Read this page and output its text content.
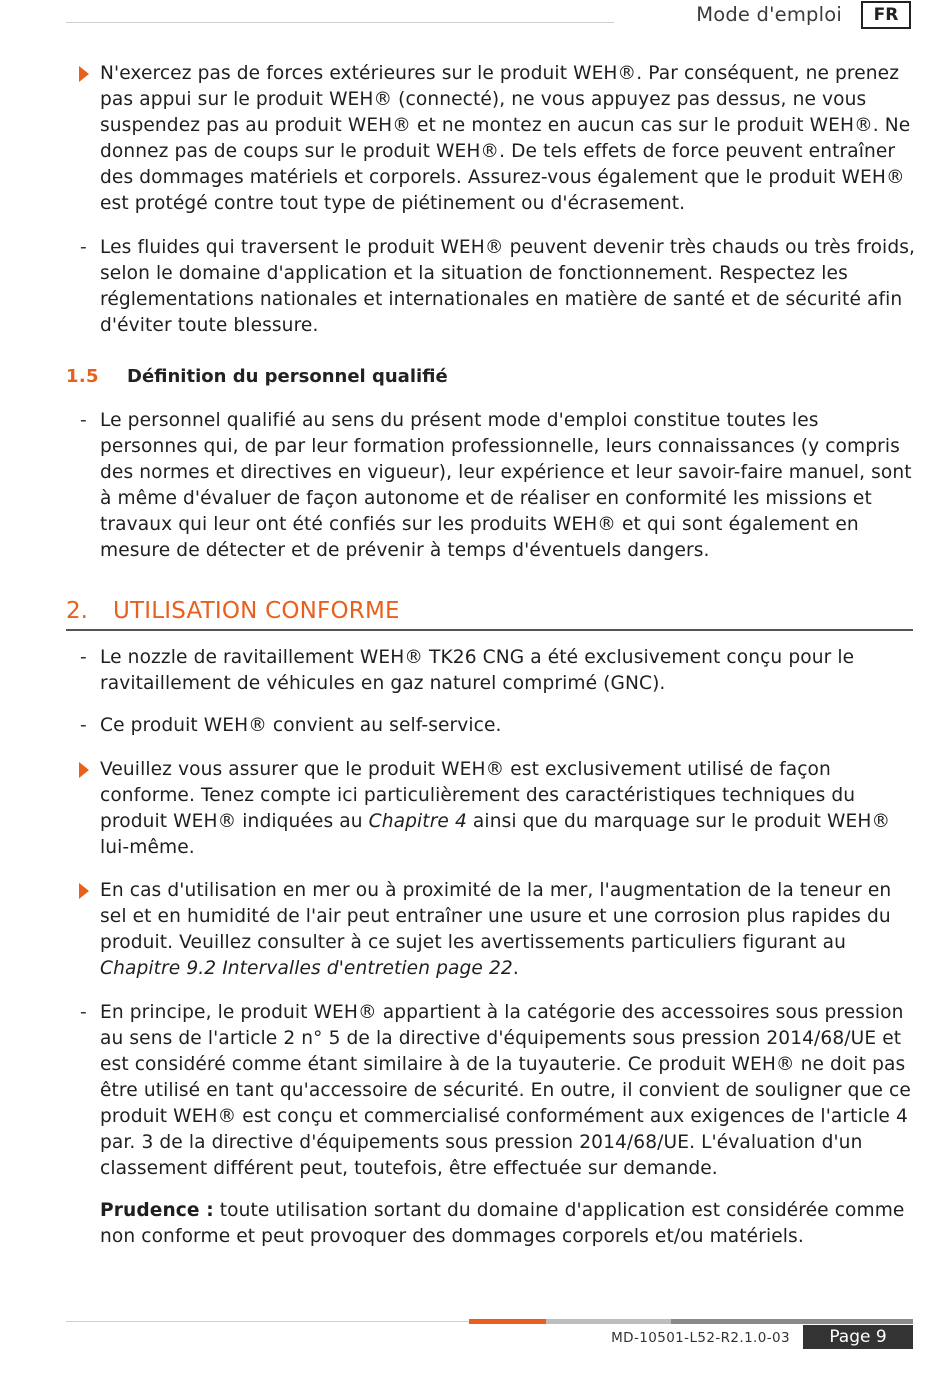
Mode d'emploi	FR

N'exercez pas de forces extérieures sur le produit WEH®. Par conséquent, ne prenez pas appui sur le produit WEH® (connecté), ne vous appuyez pas dessus, ne vous suspendez pas au produit WEH® et ne montez en aucun cas sur le produit WEH®. Ne donnez pas de coups sur le produit WEH®. De tels effets de force peuvent entraîner des dommages matériels et corporels. Assurez-vous également que le produit WEH® est protégé contre tout type de piétinement ou d'écrasement.

- Les fluides qui traversent le produit WEH® peuvent devenir très chauds ou très froids, selon le domaine d'application et la situation de fonctionnement. Respectez les réglementations nationales et internationales en matière de santé et de sécurité afin d'éviter toute blessure.

1.5 Définition du personnel qualifié
- Le personnel qualifié au sens du présent mode d'emploi constitue toutes les personnes qui, de par leur formation professionnelle, leurs connaissances (y compris des normes et directives en vigueur), leur expérience et leur savoir-faire manuel, sont à même d'évaluer de façon autonome et de réaliser en conformité les missions et travaux qui leur ont été confiés sur les produits WEH® et qui sont également en mesure de détecter et de prévenir à temps d'éventuels dangers.

2. UTILISATION CONFORME
- Le nozzle de ravitaillement WEH® TK26 CNG a été exclusivement conçu pour le ravitaillement de véhicules en gaz naturel comprimé (GNC).

- Ce produit WEH® convient au self-service.

Veuillez vous assurer que le produit WEH® est exclusivement utilisé de façon conforme. Tenez compte ici particulièrement des caractéristiques techniques du produit WEH® indiquées au Chapitre 4 ainsi que du marquage sur le produit WEH® lui-même.

En cas d'utilisation en mer ou à proximité de la mer, l'augmentation de la teneur en sel et en humidité de l'air peut entraîner une usure et une corrosion plus rapides du produit. Veuillez consulter à ce sujet les avertissements particuliers figurant au Chapitre 9.2 Intervalles d'entretien page 22.

- En principe, le produit WEH® appartient à la catégorie des accessoires sous pression au sens de l'article 2 n° 5 de la directive d'équipements sous pression 2014/68/UE et est considéré comme étant similaire à de la tuyauterie. Ce produit WEH® ne doit pas être utilisé en tant qu'accessoire de sécurité. En outre, il convient de souligner que ce produit WEH® est conçu et commercialisé conformément aux exigences de l'article 4 par. 3 de la directive d'équipements sous pression 2014/68/UE. L'évaluation d'un classement différent peut, toutefois, être effectuée sur demande.

Prudence : toute utilisation sortant du domaine d'application est considérée comme non conforme et peut provoquer des dommages corporels et/ou matériels.

MD-10501-L52-R2.1.0-03	Page 9
